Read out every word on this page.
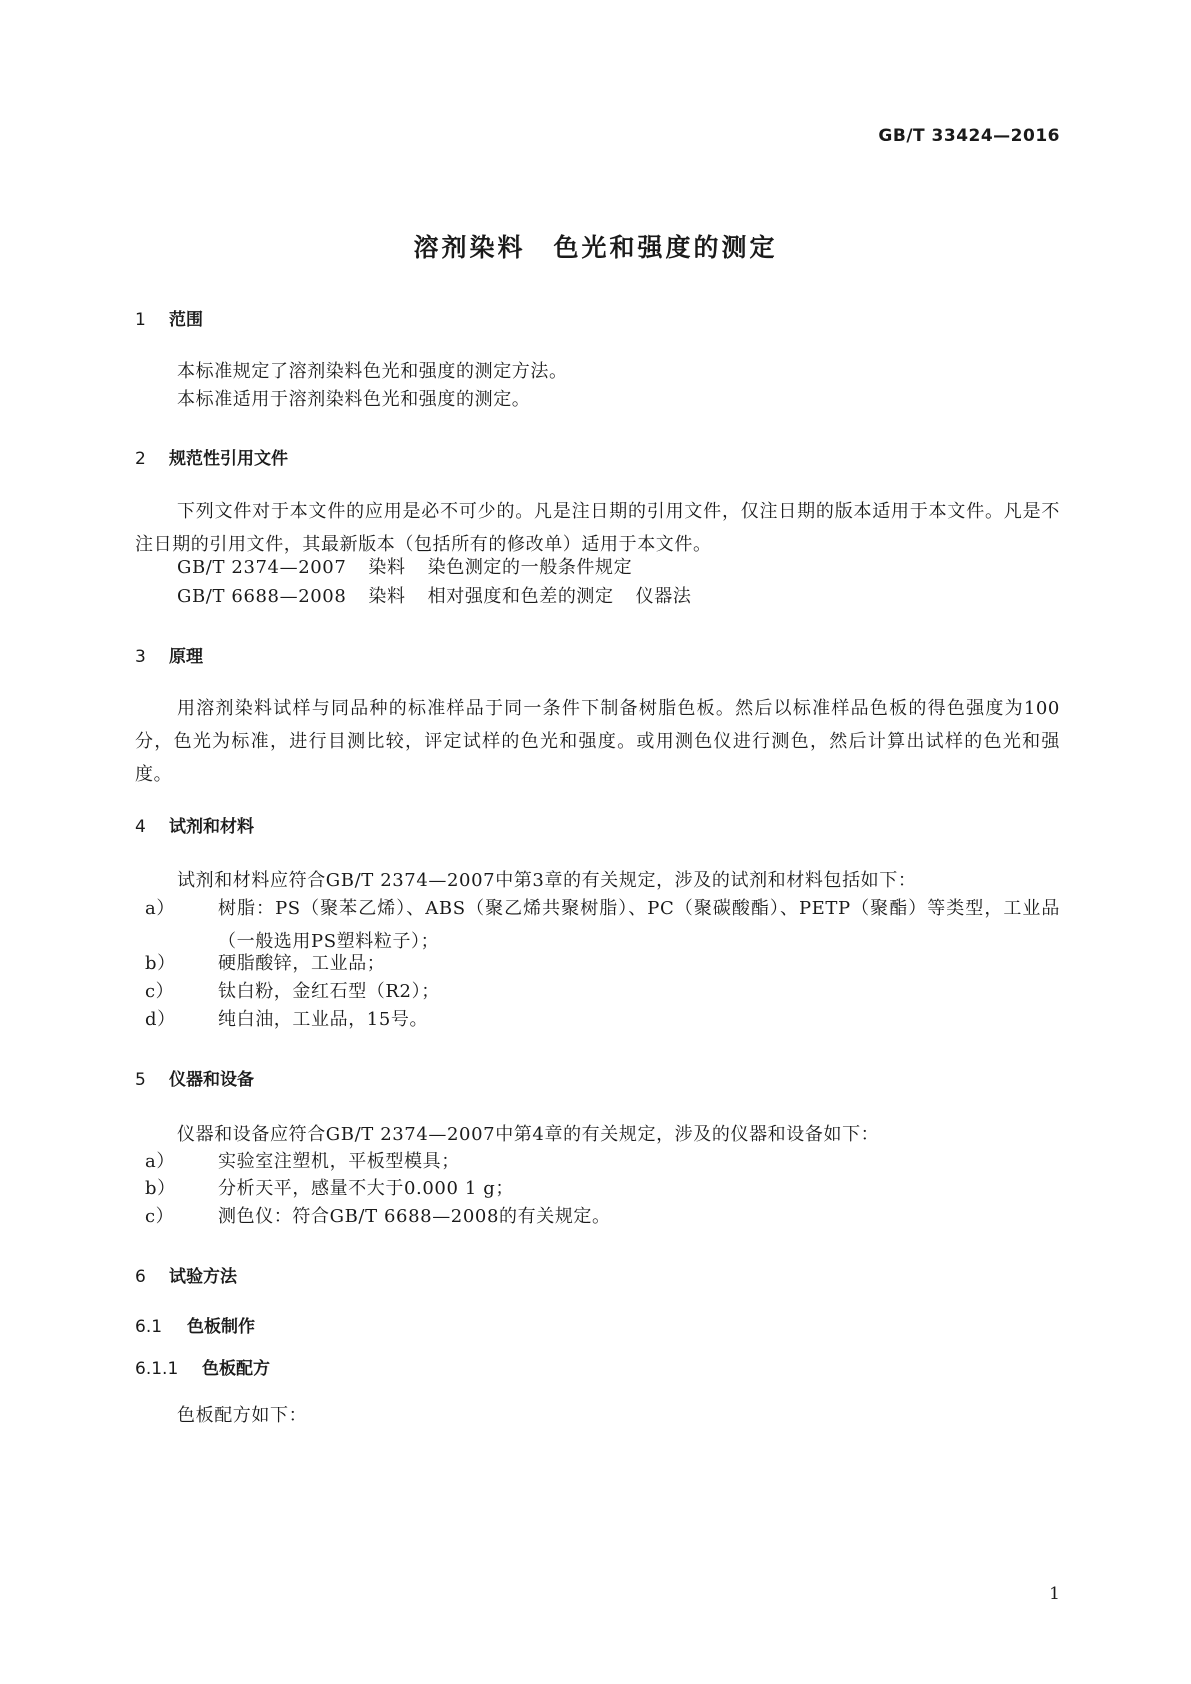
GB/T 33424—2016
溶剂染料 色光和强度的测定
1 范围
本标准规定了溶剂染料色光和强度的测定方法。
本标准适用于溶剂染料色光和强度的测定。
2 规范性引用文件
下列文件对于本文件的应用是必不可少的。凡是注日期的引用文件，仅注日期的版本适用于本文件。凡是不注日期的引用文件，其最新版本（包括所有的修改单）适用于本文件。
GB/T 2374—2007 染料 染色测定的一般条件规定
GB/T 6688—2008 染料 相对强度和色差的测定 仪器法
3 原理
用溶剂染料试样与同品种的标准样品于同一条件下制备树脂色板。然后以标准样品色板的得色强度为100分，色光为标准，进行目测比较，评定试样的色光和强度。或用测色仪进行测色，然后计算出试样的色光和强度。
4 试剂和材料
试剂和材料应符合GB/T 2374—2007中第3章的有关规定，涉及的试剂和材料包括如下：
a）	树脂：PS（聚苯乙烯）、ABS（聚乙烯共聚树脂）、PC（聚碳酸酯）、PETP（聚酯）等类型，工业品（一般选用PS塑料粒子）；
b）	硬脂酸锌，工业品；
c）	钛白粉，金红石型（R2）；
d）	纯白油，工业品，15号。
5 仪器和设备
仪器和设备应符合GB/T 2374—2007中第4章的有关规定，涉及的仪器和设备如下：
a）	实验室注塑机，平板型模具；
b）	分析天平，感量不大于0.000 1 g；
c）	测色仪：符合GB/T 6688—2008的有关规定。
6 试验方法
6.1 色板制作
6.1.1 色板配方
色板配方如下：
1
